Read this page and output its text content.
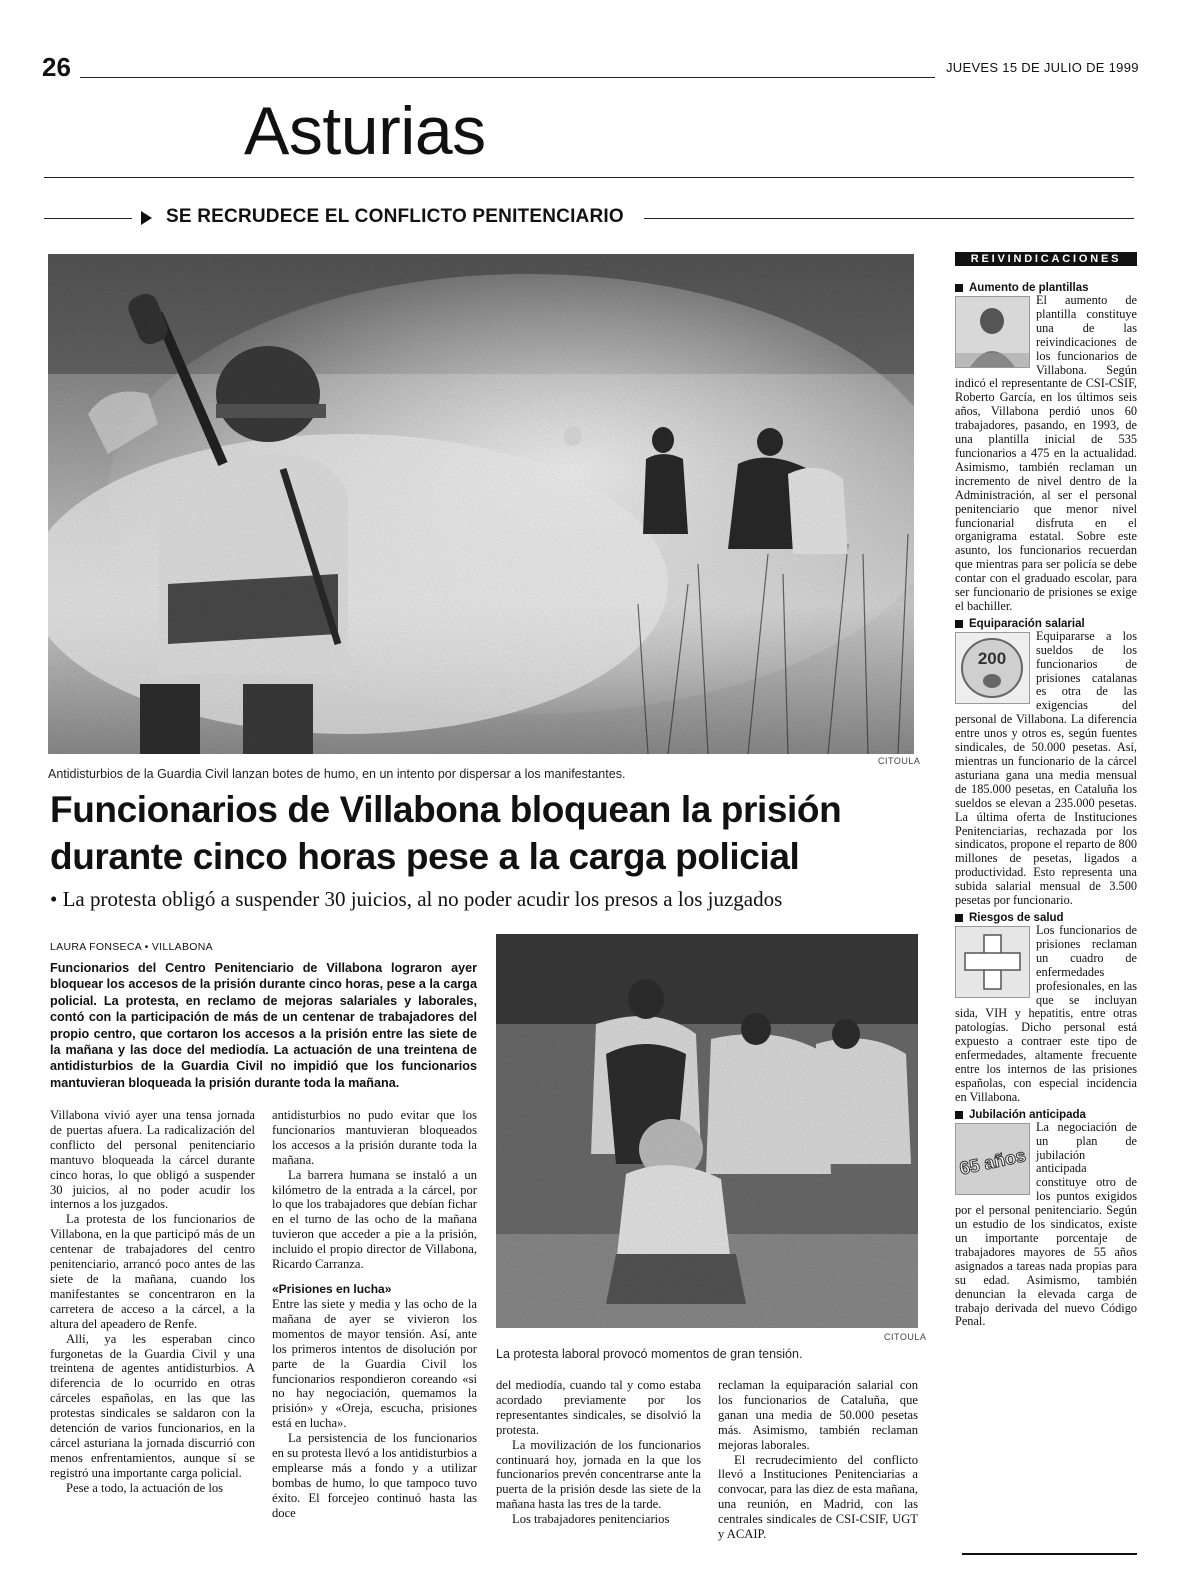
26	JUEVES 15 DE JULIO DE 1999
Asturias
SE RECRUDECE EL CONFLICTO PENITENCIARIO
Antidisturbios de la Guardia Civil lanzan botes de humo, en un intento por dispersar a los manifestantes.
CITOULA
Funcionarios de Villabona bloquean la prisión durante cinco horas pese a la carga policial
• La protesta obligó a suspender 30 juicios, al no poder acudir los presos a los juzgados
LAURA FONSECA • VILLABONA
Funcionarios del Centro Penitenciario de Villabona lograron ayer bloquear los accesos de la prisión durante cinco horas, pese a la carga policial. La protesta, en reclamo de mejoras salariales y laborales, contó con la participación de más de un centenar de trabajadores del propio centro, que cortaron los accesos a la prisión entre las siete de la mañana y las doce del mediodía. La actuación de una treintena de antidisturbios de la Guardia Civil no impidió que los funcionarios mantuvieran bloqueada la prisión durante toda la mañana.
CITOULA
La protesta laboral provocó momentos de gran tensión.

Villabona vivió ayer una tensa jornada de puertas afuera. La radicalización del conflicto del personal penitenciario mantuvo bloqueada la cárcel durante cinco horas, lo que obligó a suspender 30 juicios, al no poder acudir los internos a los juzgados.

La protesta de los funcionarios de Villabona, en la que participó más de un centenar de trabajadores del centro penitenciario, arrancó poco antes de las siete de la mañana, cuando los manifestantes se concentraron en la carretera de acceso a la cárcel, a la altura del apeadero de Renfe.

Allí, ya les esperaban cinco furgonetas de la Guardia Civil y una treintena de agentes antidisturbios. A diferencia de lo ocurrido en otras cárceles españolas, en las que las protestas sindicales se saldaron con la detención de varios funcionarios, en la cárcel asturiana la jornada discurrió con menos enfrentamientos, aunque sí se registró una importante carga policial.

Pese a todo, la actuación de los

antidisturbios no pudo evitar que los funcionarios mantuvieran bloqueados los accesos a la prisión durante toda la mañana.

La barrera humana se instaló a un kilómetro de la entrada a la cárcel, por lo que los trabajadores que debían fichar en el turno de las ocho de la mañana tuvieron que acceder a pie a la prisión, incluido el propio director de Villabona, Ricardo Carranza.

«Prisiones en lucha»

Entre las siete y media y las ocho de la mañana de ayer se vivieron los momentos de mayor tensión. Así, ante los primeros intentos de disolución por parte de la Guardia Civil los funcionarios respondieron coreando «si no hay negociación, quemamos la prisión» y «Oreja, escucha, prisiones está en lucha».

La persistencia de los funcionarios en su protesta llevó a los antidisturbios a emplearse más a fondo y a utilizar bombas de humo, lo que tampoco tuvo éxito. El forcejeo continuó hasta las doce

del mediodía, cuando tal y como estaba acordado previamente por los representantes sindicales, se disolvió la protesta.

La movilización de los funcionarios continuará hoy, jornada en la que los funcionarios prevén concentrarse ante la puerta de la prisión desde las siete de la mañana hasta las tres de la tarde.

Los trabajadores penitenciarios

reclaman la equiparación salarial con los funcionarios de Cataluña, que ganan una media de 50.000 pesetas más. Asimismo, también reclaman mejoras laborales.

El recrudecimiento del conflicto llevó a Instituciones Penitenciarias a convocar, para las diez de esta mañana, una reunión, en Madrid, con las centrales sindicales de CSI-CSIF, UGT y ACAIP.

REIVINDICACIONES
Aumento de plantillas
El aumento de plantilla constituye una de las reivindicaciones de los funcionarios de Villabona. Según indicó el representante de CSI-CSIF, Roberto García, en los últimos seis años, Villabona perdió unos 60 trabajadores, pasando, en 1993, de una plantilla inicial de 535 funcionarios a 475 en la actualidad. Asimismo, también reclaman un incremento de nivel dentro de la Administración, al ser el personal penitenciario que menor nivel funcionarial disfruta en el organigrama estatal. Sobre este asunto, los funcionarios recuerdan que mientras para ser policía se debe contar con el graduado escolar, para ser funcionario de prisiones se exige el bachiller.
Equiparación salarial
200
Equipararse a los sueldos de los funcionarios de prisiones catalanas es otra de las exigencias del personal de Villabona. La diferencia entre unos y otros es, según fuentes sindicales, de 50.000 pesetas. Así, mientras un funcionario de la cárcel asturiana gana una media mensual de 185.000 pesetas, en Cataluña los sueldos se elevan a 235.000 pesetas. La última oferta de Instituciones Penitenciarias, rechazada por los sindicatos, propone el reparto de 800 millones de pesetas, ligados a productividad. Esto representa una subida salarial mensual de 3.500 pesetas por funcionario.
Riesgos de salud
Los funcionarios de prisiones reclaman un cuadro de enfermedades profesionales, en las que se incluyan sida, VIH y hepatitis, entre otras patologías. Dicho personal está expuesto a contraer este tipo de enfermedades, altamente frecuente entre los internos de las prisiones españolas, con especial incidencia en Villabona.
Jubilación anticipada
65 años
La negociación de un plan de jubilación anticipada constituye otro de los puntos exigidos por el personal penitenciario. Según un estudio de los sindicatos, existe un importante porcentaje de trabajadores mayores de 55 años asignados a tareas nada propias para su edad. Asimismo, también denuncian la elevada carga de trabajo derivada del nuevo Código Penal.
